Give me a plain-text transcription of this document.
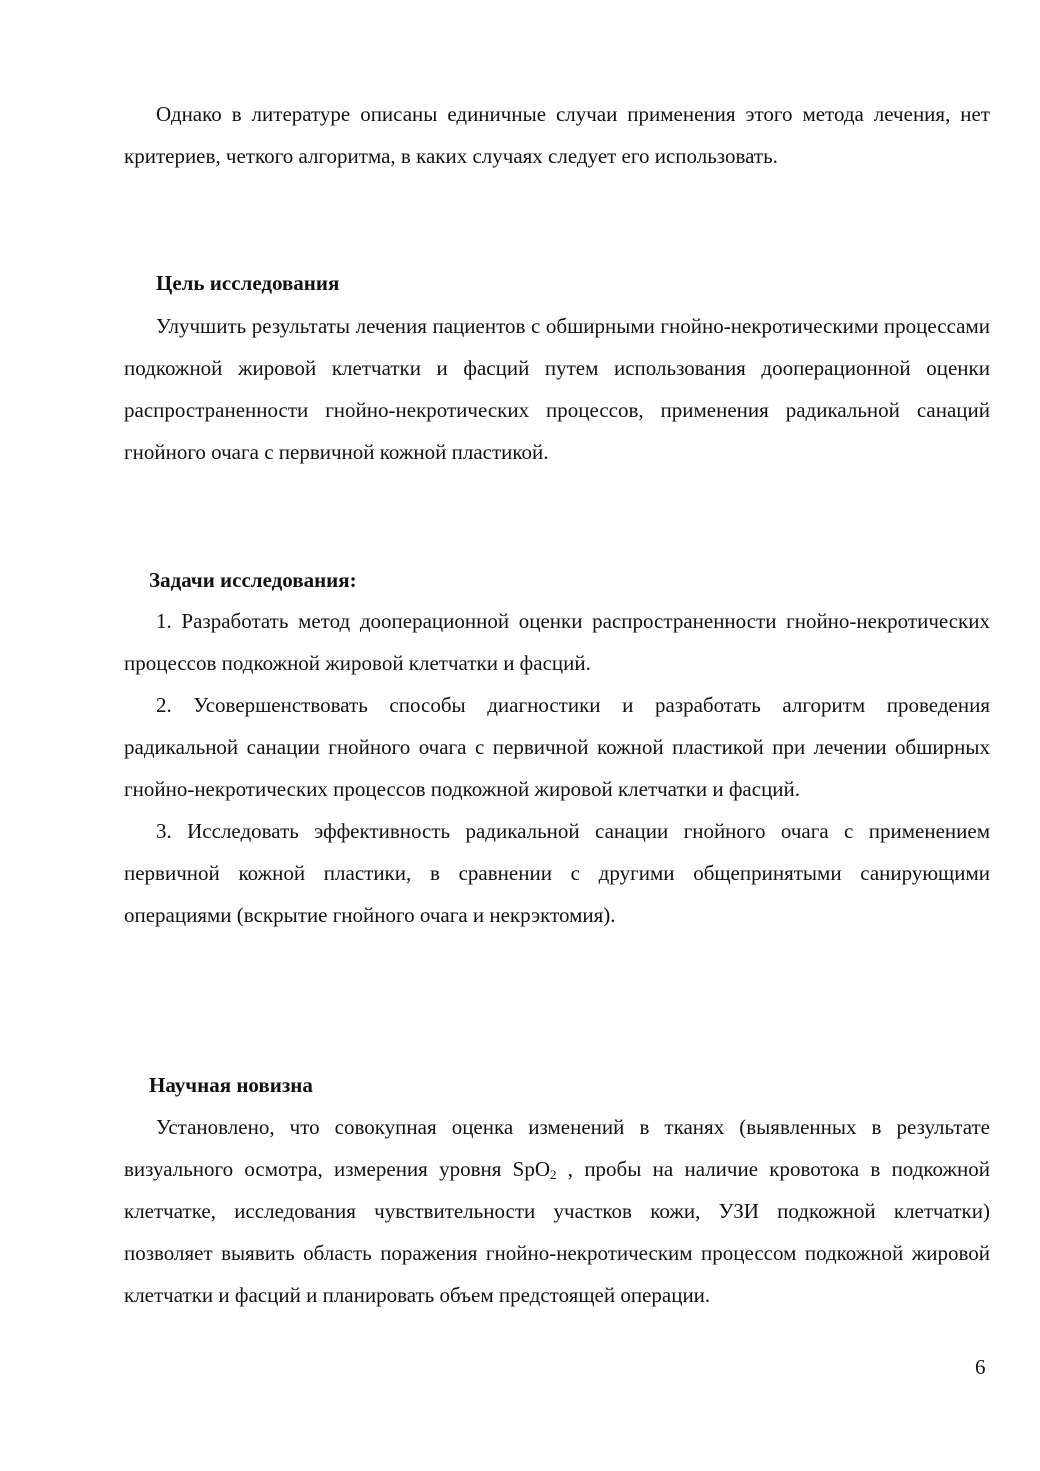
Однако в литературе описаны единичные случаи применения этого метода лечения, нет критериев, четкого алгоритма, в каких случаях следует его использовать.

Цель исследования

Улучшить результаты лечения пациентов с обширными гнойно-некротическими процессами подкожной жировой клетчатки и фасций путем использования дооперационной оценки распространенности гнойно-некротических процессов, применения радикальной санаций гнойного очага с первичной кожной пластикой.

Задачи исследования:

1. Разработать метод дооперационной оценки распространенности гнойно-некротических процессов подкожной жировой клетчатки и фасций.

2. Усовершенствовать способы диагностики и разработать алгоритм проведения радикальной санации гнойного очага с первичной кожной пластикой при лечении обширных гнойно-некротических процессов подкожной жировой клетчатки и фасций.

3. Исследовать эффективность радикальной санации гнойного очага с применением первичной кожной пластики, в сравнении с другими общепринятыми санирующими операциями (вскрытие гнойного очага и некрэктомия).

Научная новизна

Установлено, что совокупная оценка изменений в тканях (выявленных в результате визуального осмотра, измерения уровня SpO$_2$ , пробы на наличие кровотока в подкожной клетчатке, исследования чувствительности участков кожи, УЗИ подкожной клетчатки) позволяет выявить область поражения гнойно-некротическим процессом подкожной жировой клетчатки и фасций и планировать объем предстоящей операции.

6
